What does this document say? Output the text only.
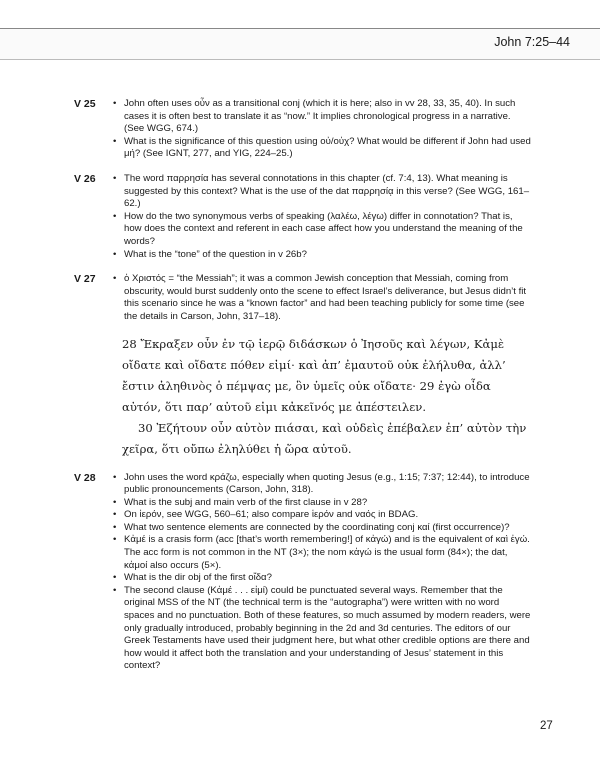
John 7:25–44
V 25	• John often uses οὖν as a transitional conj (which it is here; also in vv 28, 33, 35, 40). In such cases it is often best to translate it as “now.” It implies chronological progress in a narrative. (See WGG, 674.)
• What is the significance of this question using οὐ/οὐχ? What would be different if John had used μή? (See IGNT, 277, and YIG, 224–25.)
V 26	• The word παρρησία has several connotations in this chapter (cf. 7:4, 13). What meaning is suggested by this context? What is the use of the dat παρρησίᾳ in this verse? (See WGG, 161–62.)
• How do the two synonymous verbs of speaking (λαλέω, λέγω) differ in connotation? That is, how does the context and referent in each case affect how you understand the meaning of the words?
• What is the “tone” of the question in v 26b?
V 27	• ὁ Χριστός = “the Messiah”; it was a common Jewish conception that Messiah, coming from obscurity, would burst suddenly onto the scene to effect Israel’s deliverance, but Jesus didn’t fit this scenario since he was a “known factor” and had been teaching publicly for some time (see the details in Carson, John, 317–18).

28 Ἔκραξεν οὖν ἐν τῷ ἱερῷ διδάσκων ὁ Ἰησοῦς καὶ λέγων, Κἀμὲ οἴδατε καὶ οἴδατε πόθεν εἰμί· καὶ ἀπ’ ἐμαυτοῦ οὐκ ἐλήλυθα, ἀλλ’ ἔστιν ἀληθινὸς ὁ πέμψας με, ὃν ὑμεῖς οὐκ οἴδατε· 29 ἐγὼ οἶδα αὐτόν, ὅτι παρ’ αὐτοῦ εἰμι κἀκεῖνός με ἀπέστειλεν.

30 Ἐζήτουν οὖν αὐτὸν πιάσαι, καὶ οὐδεὶς ἐπέβαλεν ἐπ’ αὐτὸν τὴν χεῖρα, ὅτι οὔπω ἐληλύθει ἡ ὥρα αὐτοῦ.

V 28	• John uses the word κράζω, especially when quoting Jesus (e.g., 1:15; 7:37; 12:44), to introduce public pronouncements (Carson, John, 318).
• What is the subj and main verb of the first clause in v 28?
• On ἱερόν, see WGG, 560–61; also compare ἱερόν and ναός in BDAG.
• What two sentence elements are connected by the coordinating conj καί (first occurrence)?
• Κἀμέ is a crasis form (acc [that’s worth remembering!] of κἀγώ) and is the equivalent of καὶ ἐγώ. The acc form is not common in the NT (3×); the nom κἀγώ is the usual form (84×); the dat, κἀμοί also occurs (5×).
• What is the dir obj of the first οἴδα?
• The second clause (Κἀμέ . . . εἰμί) could be punctuated several ways. Remember that the original MSS of the NT (the technical term is the “autographa”) were written with no word spaces and no punctuation. Both of these features, so much assumed by modern readers, were only gradually introduced, probably beginning in the 2d and 3d centuries. The editors of our Greek Testaments have used their judgment here, but what other credible options are there and how would it affect both the translation and your understanding of Jesus’ statement in this context?
27
